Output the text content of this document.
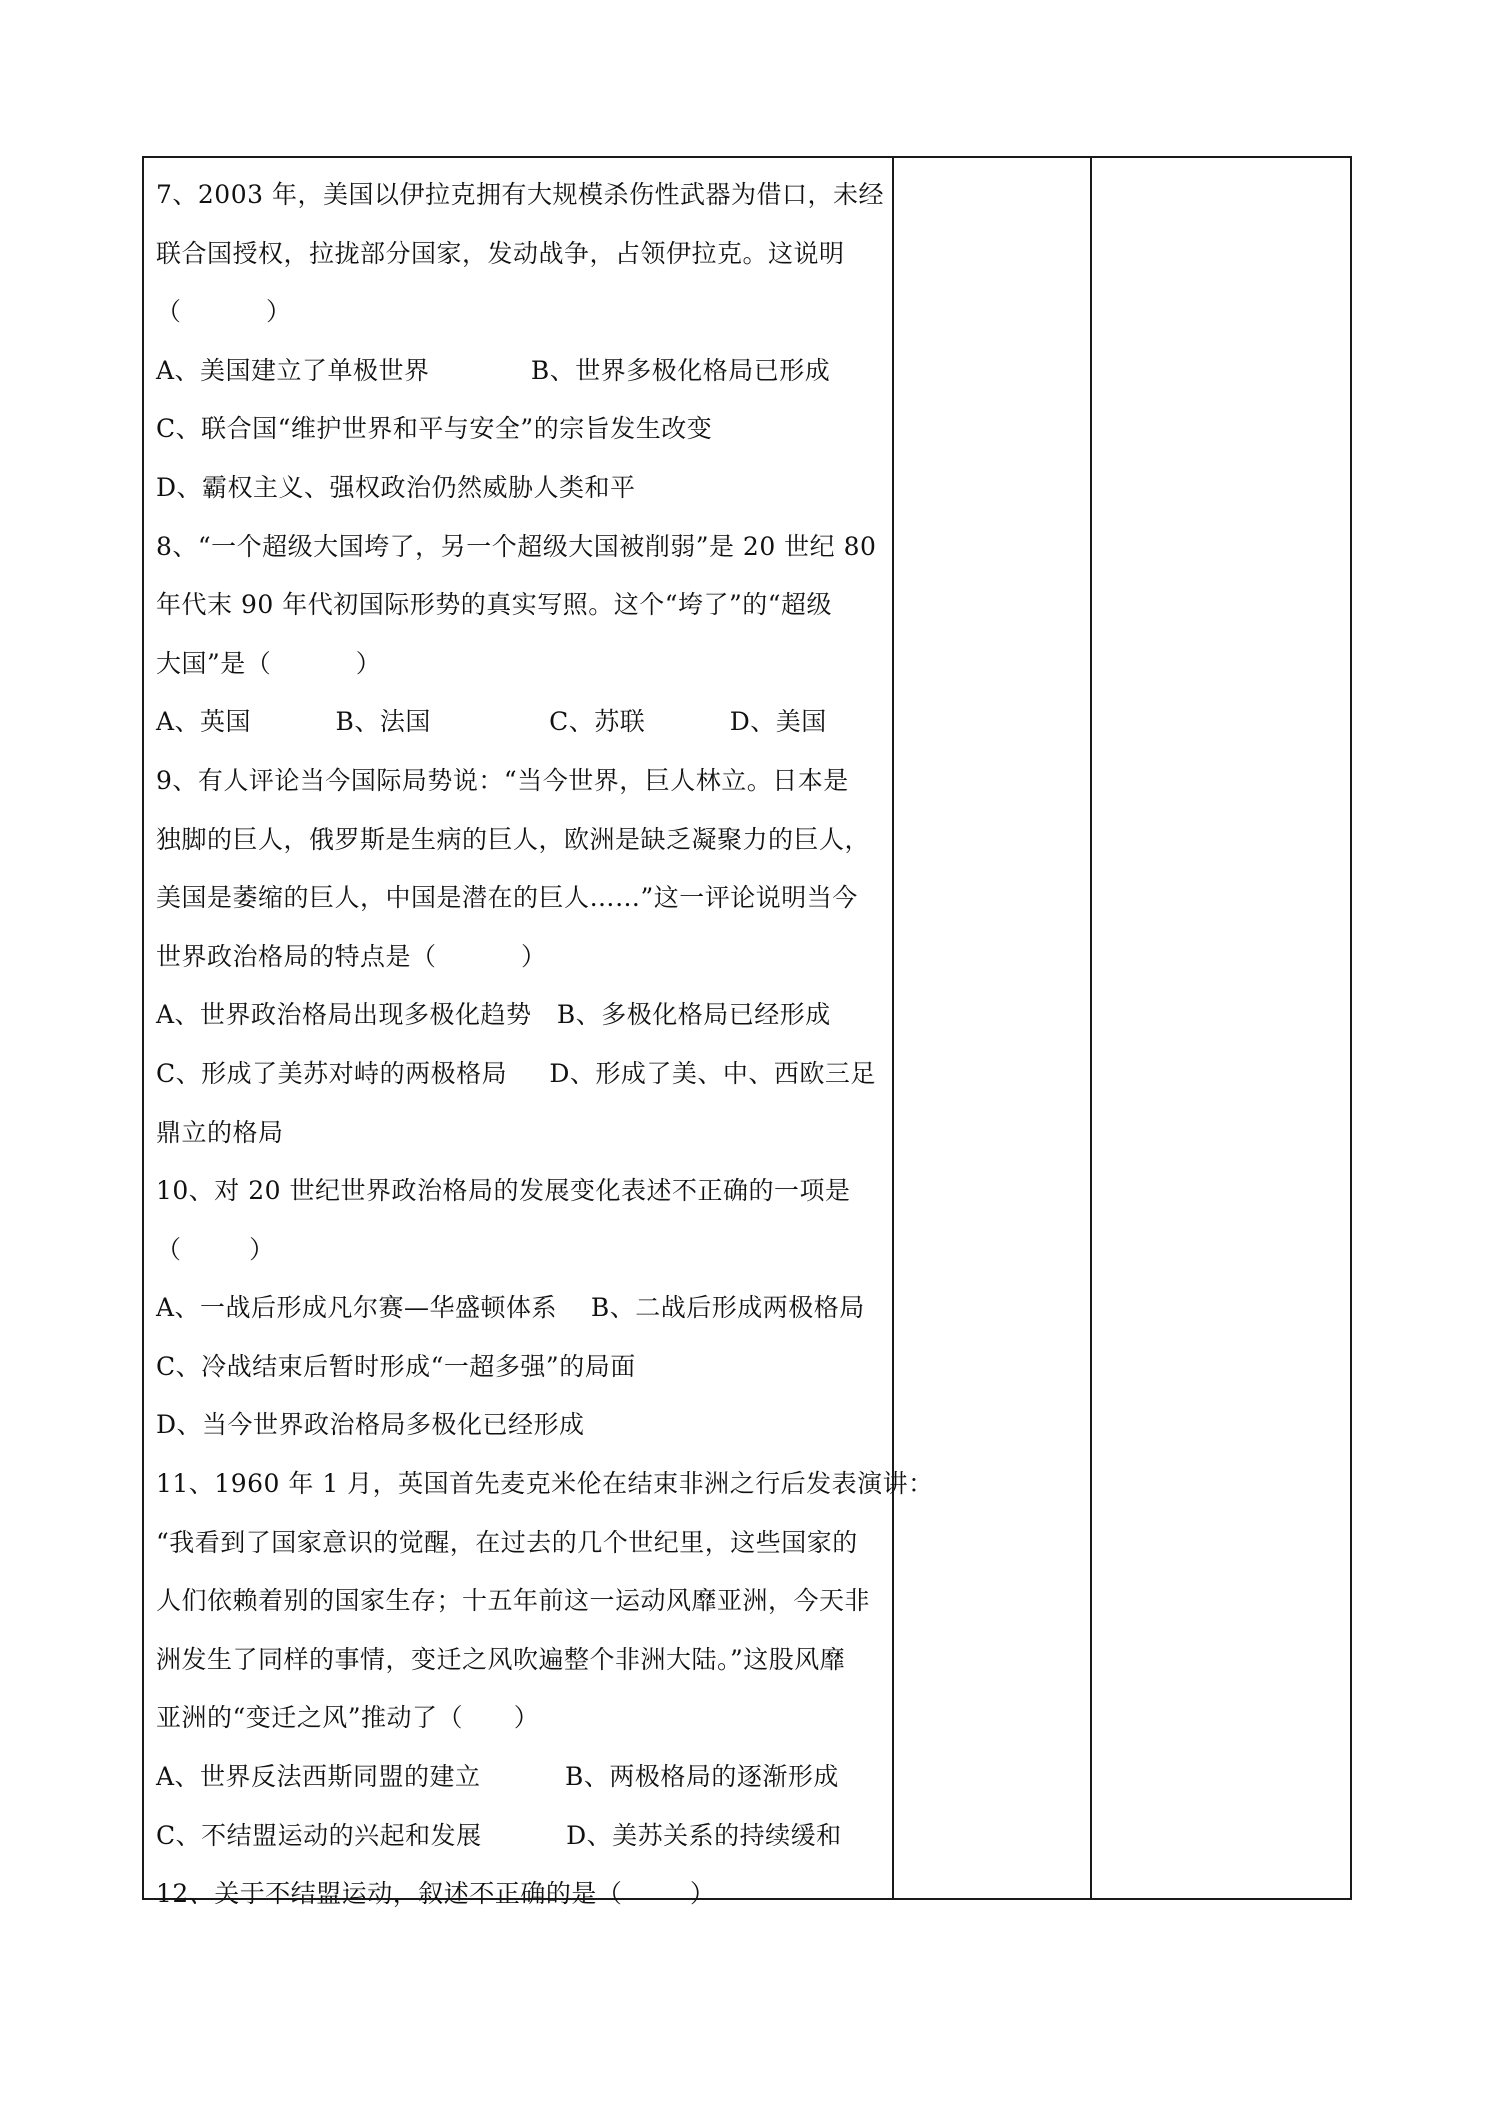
7、2003 年，美国以伊拉克拥有大规模杀伤性武器为借口，未经
联合国授权，拉拢部分国家，发动战争，占领伊拉克。这说明
（          ）
A、美国建立了单极世界            B、世界多极化格局已形成
C、联合国“维护世界和平与安全”的宗旨发生改变
D、霸权主义、强权政治仍然威胁人类和平
8、“一个超级大国垮了，另一个超级大国被削弱”是 20 世纪 80
年代末 90 年代初国际形势的真实写照。这个“垮了”的“超级
大国”是（          ）
A、英国          B、法国              C、苏联          D、美国
9、有人评论当今国际局势说：“当今世界，巨人林立。日本是
独脚的巨人，俄罗斯是生病的巨人，欧洲是缺乏凝聚力的巨人，
美国是萎缩的巨人，中国是潜在的巨人……”这一评论说明当今
世界政治格局的特点是（          ）
A、世界政治格局出现多极化趋势   B、多极化格局已经形成
C、形成了美苏对峙的两极格局     D、形成了美、中、西欧三足
鼎立的格局
10、对 20 世纪世界政治格局的发展变化表述不正确的一项是
（        ）
A、一战后形成凡尔赛—华盛顿体系    B、二战后形成两极格局
C、冷战结束后暂时形成“一超多强”的局面
D、当今世界政治格局多极化已经形成
11、1960 年 1 月，英国首先麦克米伦在结束非洲之行后发表演讲：
“我看到了国家意识的觉醒，在过去的几个世纪里，这些国家的
人们依赖着别的国家生存；十五年前这一运动风靡亚洲，今天非
洲发生了同样的事情，变迁之风吹遍整个非洲大陆。”这股风靡
亚洲的“变迁之风”推动了（      ）
A、世界反法西斯同盟的建立          B、两极格局的逐渐形成
C、不结盟运动的兴起和发展          D、美苏关系的持续缓和
12、关于不结盟运动，叙述不正确的是（        ）
